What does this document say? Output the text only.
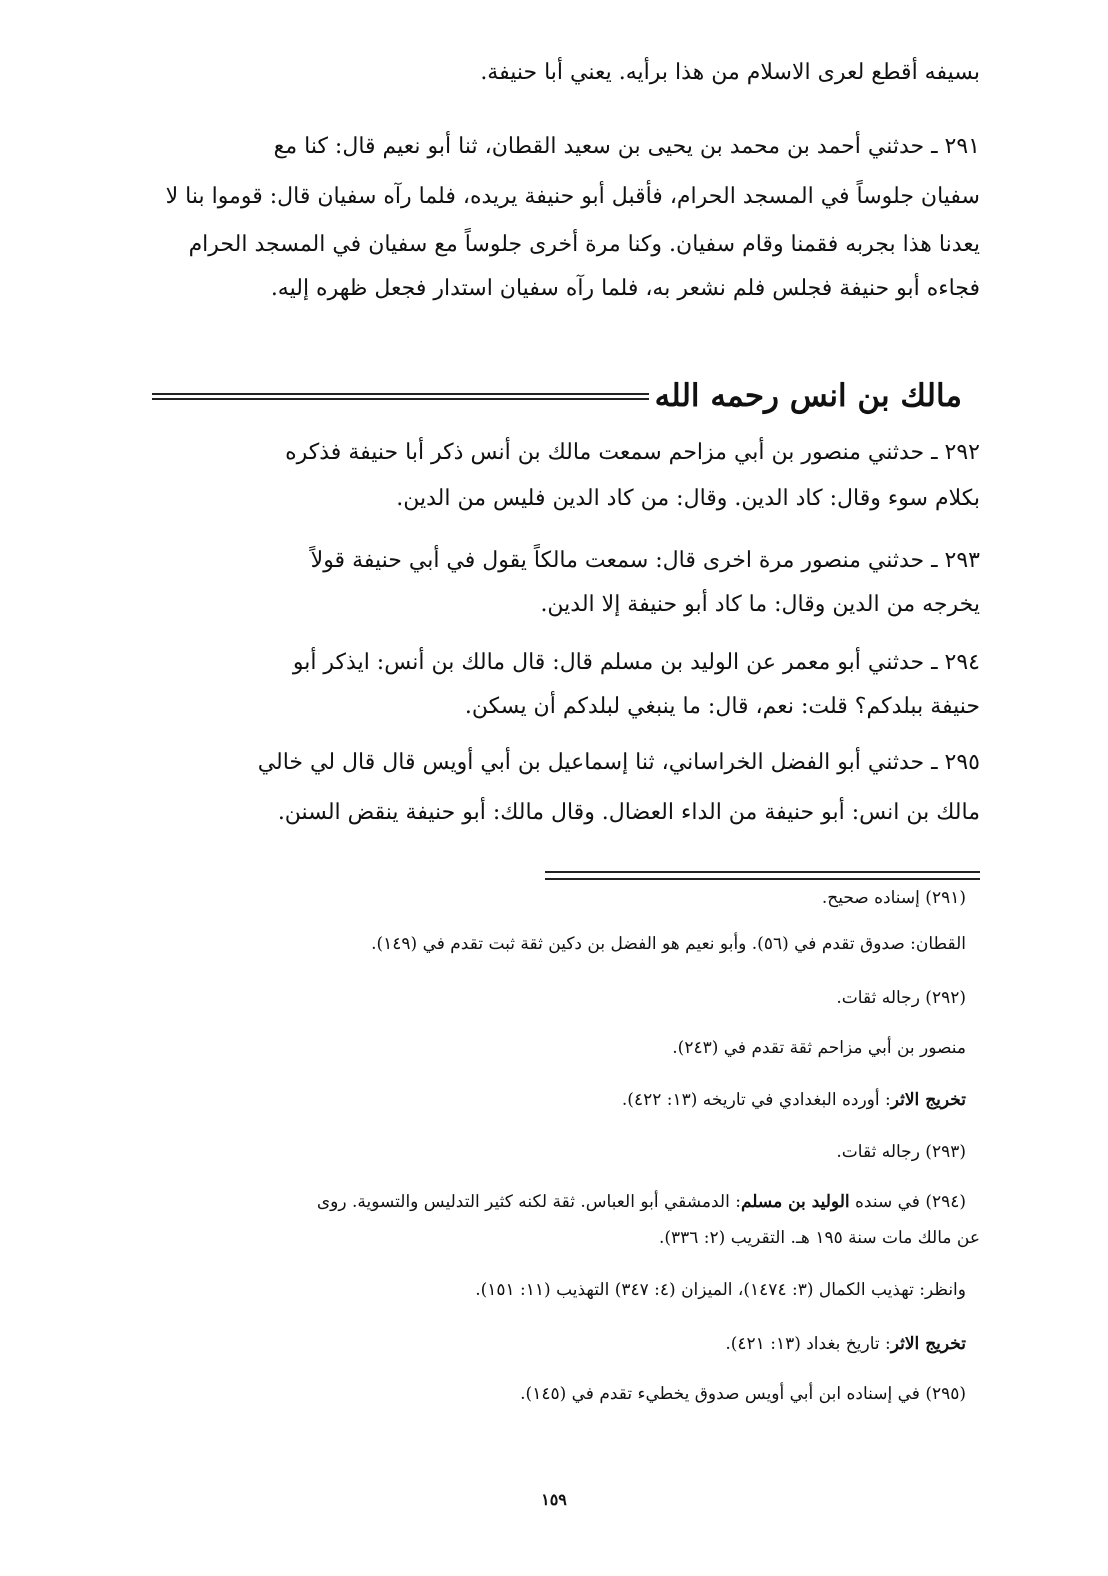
بسيفه أقطع لعرى الاسلام من هذا برأيه. يعني أبا حنيفة.
٢٩١ ـ حدثني أحمد بن محمد بن يحيى بن سعيد القطان، ثنا أبو نعيم قال: كنا مع
سفيان جلوساً في المسجد الحرام، فأقبل أبو حنيفة يريده، فلما رآه سفيان قال: قوموا بنا لا
يعدنا هذا بجربه فقمنا وقام سفيان. وكنا مرة أخرى جلوساً مع سفيان في المسجد الحرام
فجاءه أبو حنيفة فجلس فلم نشعر به، فلما رآه سفيان استدار فجعل ظهره إليه.
مالك بن انس رحمه الله
٢٩٢ ـ حدثني منصور بن أبي مزاحم سمعت مالك بن أنس ذكر أبا حنيفة فذكره
بكلام سوء وقال: كاد الدين. وقال: من كاد الدين فليس من الدين.
٢٩٣ ـ حدثني منصور مرة اخرى قال: سمعت مالكاً يقول في أبي حنيفة قولاً
يخرجه من الدين وقال: ما كاد أبو حنيفة إلا الدين.
٢٩٤ ـ حدثني أبو معمر عن الوليد بن مسلم قال: قال مالك بن أنس: ايذكر أبو
حنيفة ببلدكم؟ قلت: نعم، قال: ما ينبغي لبلدكم أن يسكن.
٢٩٥ ـ حدثني أبو الفضل الخراساني، ثنا إسماعيل بن أبي أويس قال قال لي خالي
مالك بن انس: أبو حنيفة من الداء العضال. وقال مالك: أبو حنيفة ينقض السنن.
(٢٩١) إسناده صحيح.
القطان: صدوق تقدم في (٥٦). وأبو نعيم هو الفضل بن دكين ثقة ثبت تقدم في (١٤٩).
(٢٩٢) رجاله ثقات.
منصور بن أبي مزاحم ثقة تقدم في (٢٤٣).
تخريج الاثر: أورده البغدادي في تاريخه (١٣: ٤٢٢).
(٢٩٣) رجاله ثقات.
(٢٩٤) في سنده الوليد بن مسلم: الدمشقي أبو العباس. ثقة لكنه كثير التدليس والتسوية. روى
عن مالك مات سنة ١٩٥ هـ. التقريب (٢: ٣٣٦).
وانظر: تهذيب الكمال (٣: ١٤٧٤)، الميزان (٤: ٣٤٧) التهذيب (١١: ١٥١).
تخريج الاثر: تاريخ بغداد (١٣: ٤٢١).
(٢٩٥) في إسناده ابن أبي أويس صدوق يخطيء تقدم في (١٤٥).
١٥٩
